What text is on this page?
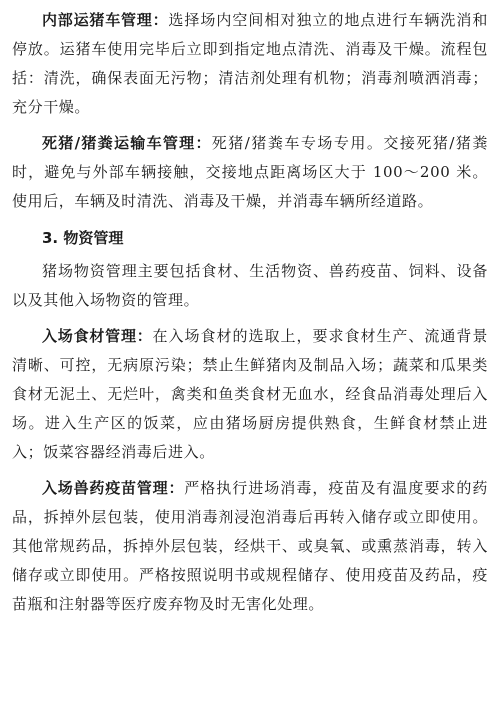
内部运猪车管理：选择场内空间相对独立的地点进行车辆洗消和停放。运猪车使用完毕后立即到指定地点清洗、消毒及干燥。流程包括：清洗，确保表面无污物；清洁剂处理有机物；消毒剂喷洒消毒；充分干燥。

死猪/猪粪运输车管理：死猪/猪粪车专场专用。交接死猪/猪粪时，避免与外部车辆接触，交接地点距离场区大于 100～200 米。使用后，车辆及时清洗、消毒及干燥，并消毒车辆所经道路。

3. 物资管理

猪场物资管理主要包括食材、生活物资、兽药疫苗、饲料、设备以及其他入场物资的管理。

入场食材管理：在入场食材的选取上，要求食材生产、流通背景清晰、可控，无病原污染；禁止生鲜猪肉及制品入场；蔬菜和瓜果类食材无泥土、无烂叶，禽类和鱼类食材无血水，经食品消毒处理后入场。进入生产区的饭菜，应由猪场厨房提供熟食，生鲜食材禁止进入；饭菜容器经消毒后进入。

入场兽药疫苗管理：严格执行进场消毒，疫苗及有温度要求的药品，拆掉外层包装，使用消毒剂浸泡消毒后再转入储存或立即使用。其他常规药品，拆掉外层包装，经烘干、或臭氧、或熏蒸消毒，转入储存或立即使用。严格按照说明书或规程储存、使用疫苗及药品，疫苗瓶和注射器等医疗废弃物及时无害化处理。
